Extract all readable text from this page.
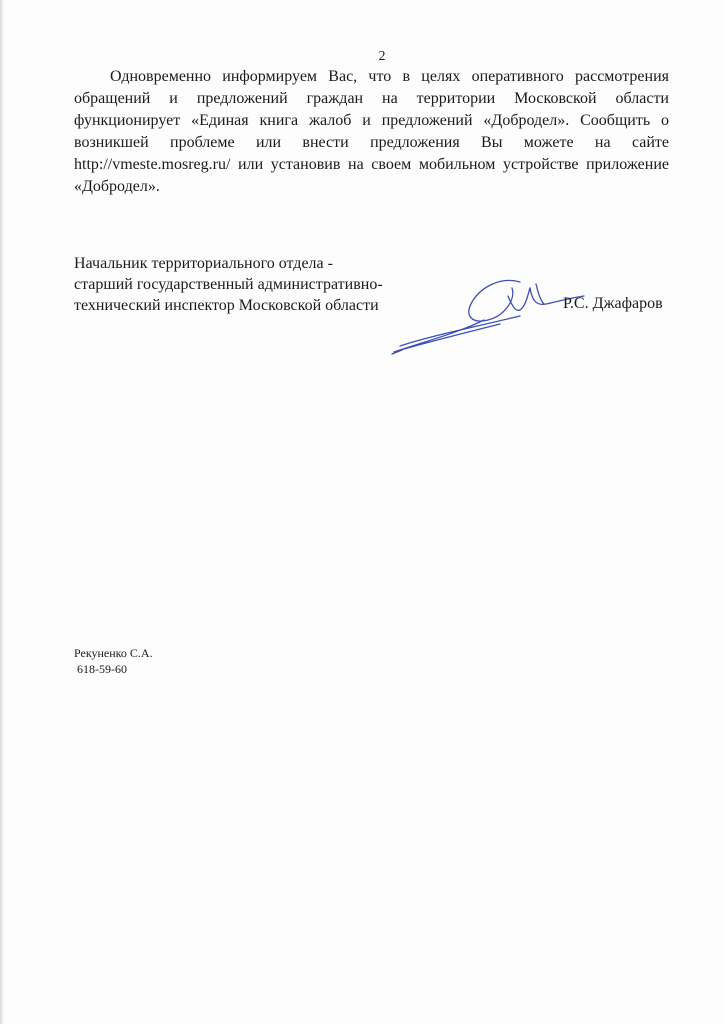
2

Одновременно информируем Вас, что в целях оперативного рассмотрения обращений и предложений граждан на территории Московской области функционирует «Единая книга жалоб и предложений «Добродел». Сообщить о возникшей проблеме или внести предложения Вы можете на сайте http://vmeste.mosreg.ru/ или установив на своем мобильном устройстве приложение «Добродел».

Начальник территориального отдела -
старший государственный административно-
технический инспектор Московской области	Р.С. Джафаров
Рекуненко С.А.
618-59-60
